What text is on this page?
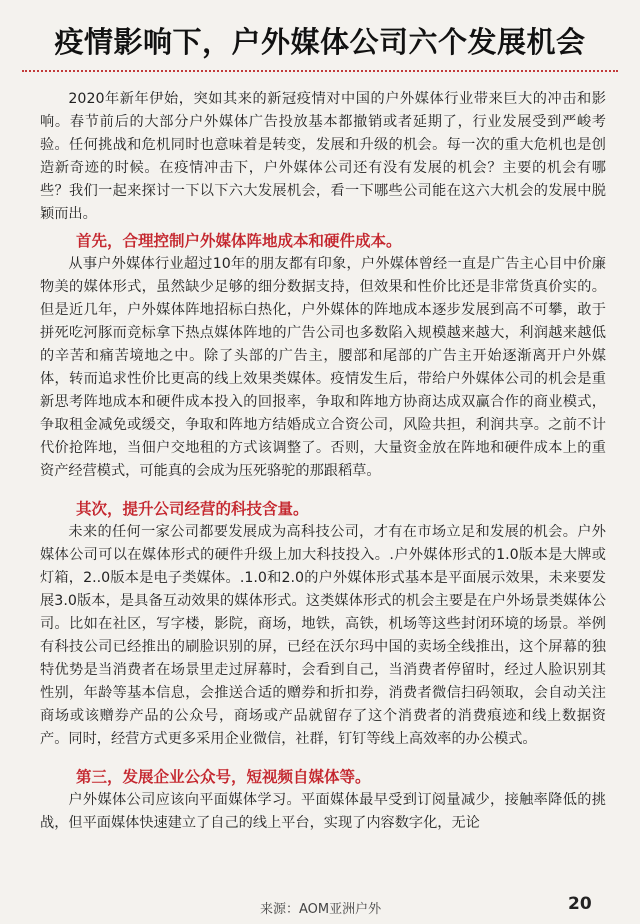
疫情影响下，户外媒体公司六个发展机会

2020年新年伊始，突如其来的新冠疫情对中国的户外媒体行业带来巨大的冲击和影响。春节前后的大部分户外媒体广告投放基本都撤销或者延期了，行业发展受到严峻考验。任何挑战和危机同时也意味着是转变，发展和升级的机会。每一次的重大危机也是创造新奇迹的时候。在疫情冲击下，户外媒体公司还有没有发展的机会？主要的机会有哪些？我们一起来探讨一下以下六大发展机会，看一下哪些公司能在这六大机会的发展中脱颖而出。

首先，合理控制户外媒体阵地成本和硬件成本。

从事户外媒体行业超过10年的朋友都有印象，户外媒体曾经一直是广告主心目中价廉物美的媒体形式，虽然缺少足够的细分数据支持，但效果和性价比还是非常货真价实的。但是近几年，户外媒体阵地招标白热化，户外媒体的阵地成本逐步发展到高不可攀，敢于拼死吃河豚而竞标拿下热点媒体阵地的广告公司也多数陷入规模越来越大，利润越来越低的辛苦和痛苦境地之中。除了头部的广告主，腰部和尾部的广告主开始逐渐离开户外媒体，转而追求性价比更高的线上效果类媒体。疫情发生后，带给户外媒体公司的机会是重新思考阵地成本和硬件成本投入的回报率，争取和阵地方协商达成双赢合作的商业模式，争取租金减免或缓交，争取和阵地方结婚成立合资公司，风险共担，利润共享。之前不计代价抢阵地，当佃户交地租的方式该调整了。否则，大量资金放在阵地和硬件成本上的重资产经营模式，可能真的会成为压死骆驼的那跟稻草。

其次，提升公司经营的科技含量。

未来的任何一家公司都要发展成为高科技公司，才有在市场立足和发展的机会。户外媒体公司可以在媒体形式的硬件升级上加大科技投入。.户外媒体形式的1.0版本是大牌或灯箱，2..0版本是电子类媒体。.1.0和2.0的户外媒体形式基本是平面展示效果，未来要发展3.0版本，是具备互动效果的媒体形式。这类媒体形式的机会主要是在户外场景类媒体公司。比如在社区，写字楼，影院，商场，地铁，高铁，机场等这些封闭环境的场景。举例有科技公司已经推出的刷脸识别的屏，已经在沃尔玛中国的卖场全线推出，这个屏幕的独特优势是当消费者在场景里走过屏幕时，会看到自己，当消费者停留时，经过人脸识别其性别，年龄等基本信息，会推送合适的赠券和折扣券，消费者微信扫码领取，会自动关注商场或该赠券产品的公众号，商场或产品就留存了这个消费者的消费痕迹和线上数据资产。同时，经营方式更多采用企业微信，社群，钉钉等线上高效率的办公模式。

第三，发展企业公众号，短视频自媒体等。

户外媒体公司应该向平面媒体学习。平面媒体最早受到订阅量减少，接触率降低的挑战，但平面媒体快速建立了自己的线上平台，实现了内容数字化，无论

来源：AOM亚洲户外	20
